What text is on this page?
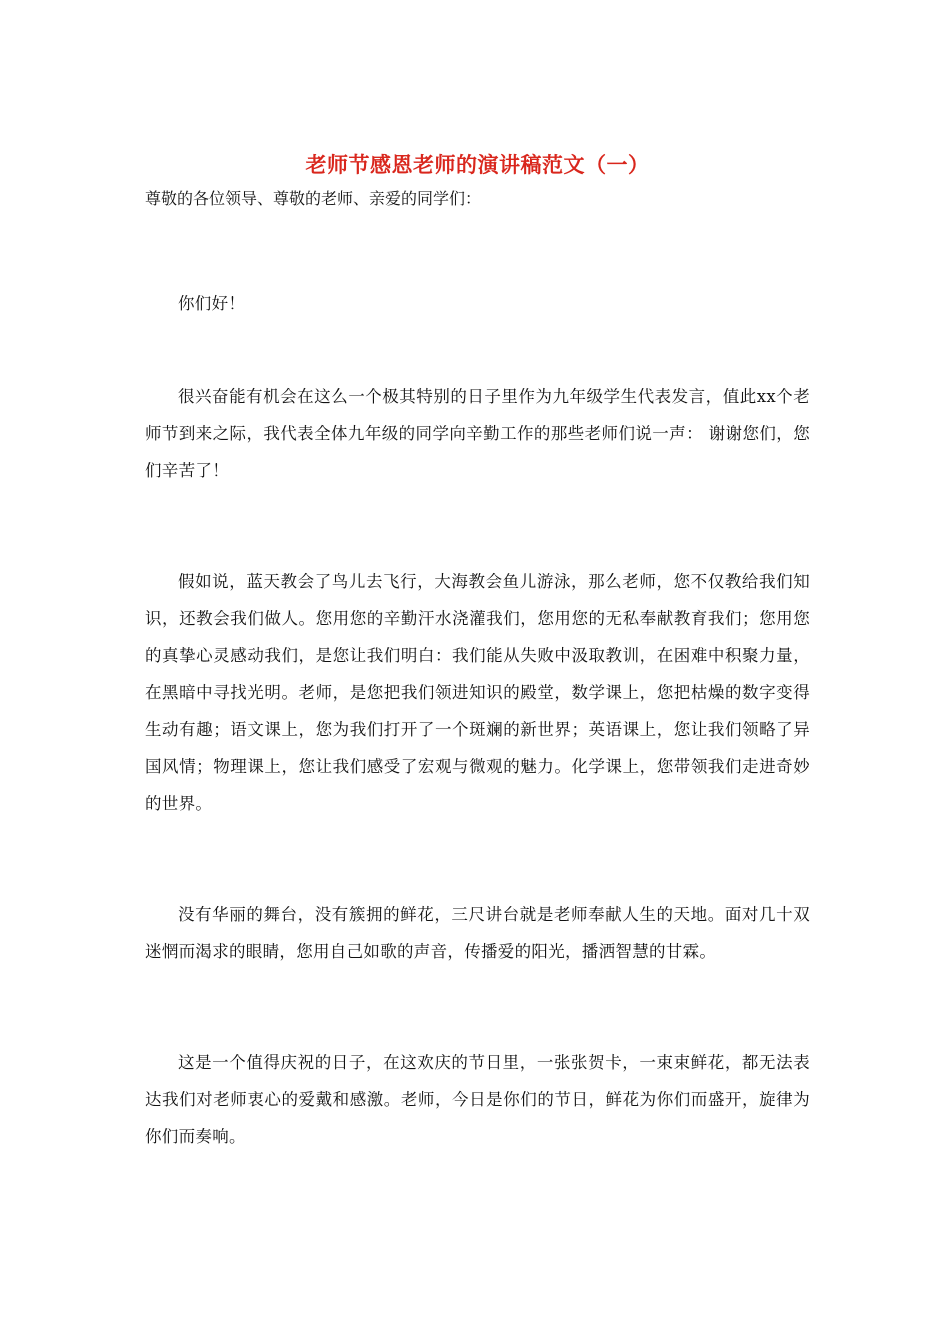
老师节感恩老师的演讲稿范文（一）

尊敬的各位领导、尊敬的老师、亲爱的同学们：

你们好！

很兴奋能有机会在这么一个极其特别的日子里作为九年级学生代表发言，值此xx个老师节到来之际，我代表全体九年级的同学向辛勤工作的那些老师们说一声： 谢谢您们，您们辛苦了！

假如说，蓝天教会了鸟儿去飞行，大海教会鱼儿游泳，那么老师，您不仅教给我们知识，还教会我们做人。您用您的辛勤汗水浇灌我们，您用您的无私奉献教育我们；您用您的真挚心灵感动我们，是您让我们明白：我们能从失败中汲取教训，在困难中积聚力量，在黑暗中寻找光明。老师，是您把我们领进知识的殿堂，数学课上，您把枯燥的数字变得生动有趣；语文课上，您为我们打开了一个斑斓的新世界；英语课上，您让我们领略了异国风情；物理课上，您让我们感受了宏观与微观的魅力。化学课上，您带领我们走进奇妙的世界。

没有华丽的舞台，没有簇拥的鲜花，三尺讲台就是老师奉献人生的天地。面对几十双迷惘而渴求的眼睛，您用自己如歌的声音，传播爱的阳光，播洒智慧的甘霖。

这是一个值得庆祝的日子，在这欢庆的节日里，一张张贺卡，一束束鲜花，都无法表达我们对老师衷心的爱戴和感激。老师，今日是你们的节日，鲜花为你们而盛开，旋律为你们而奏响。
